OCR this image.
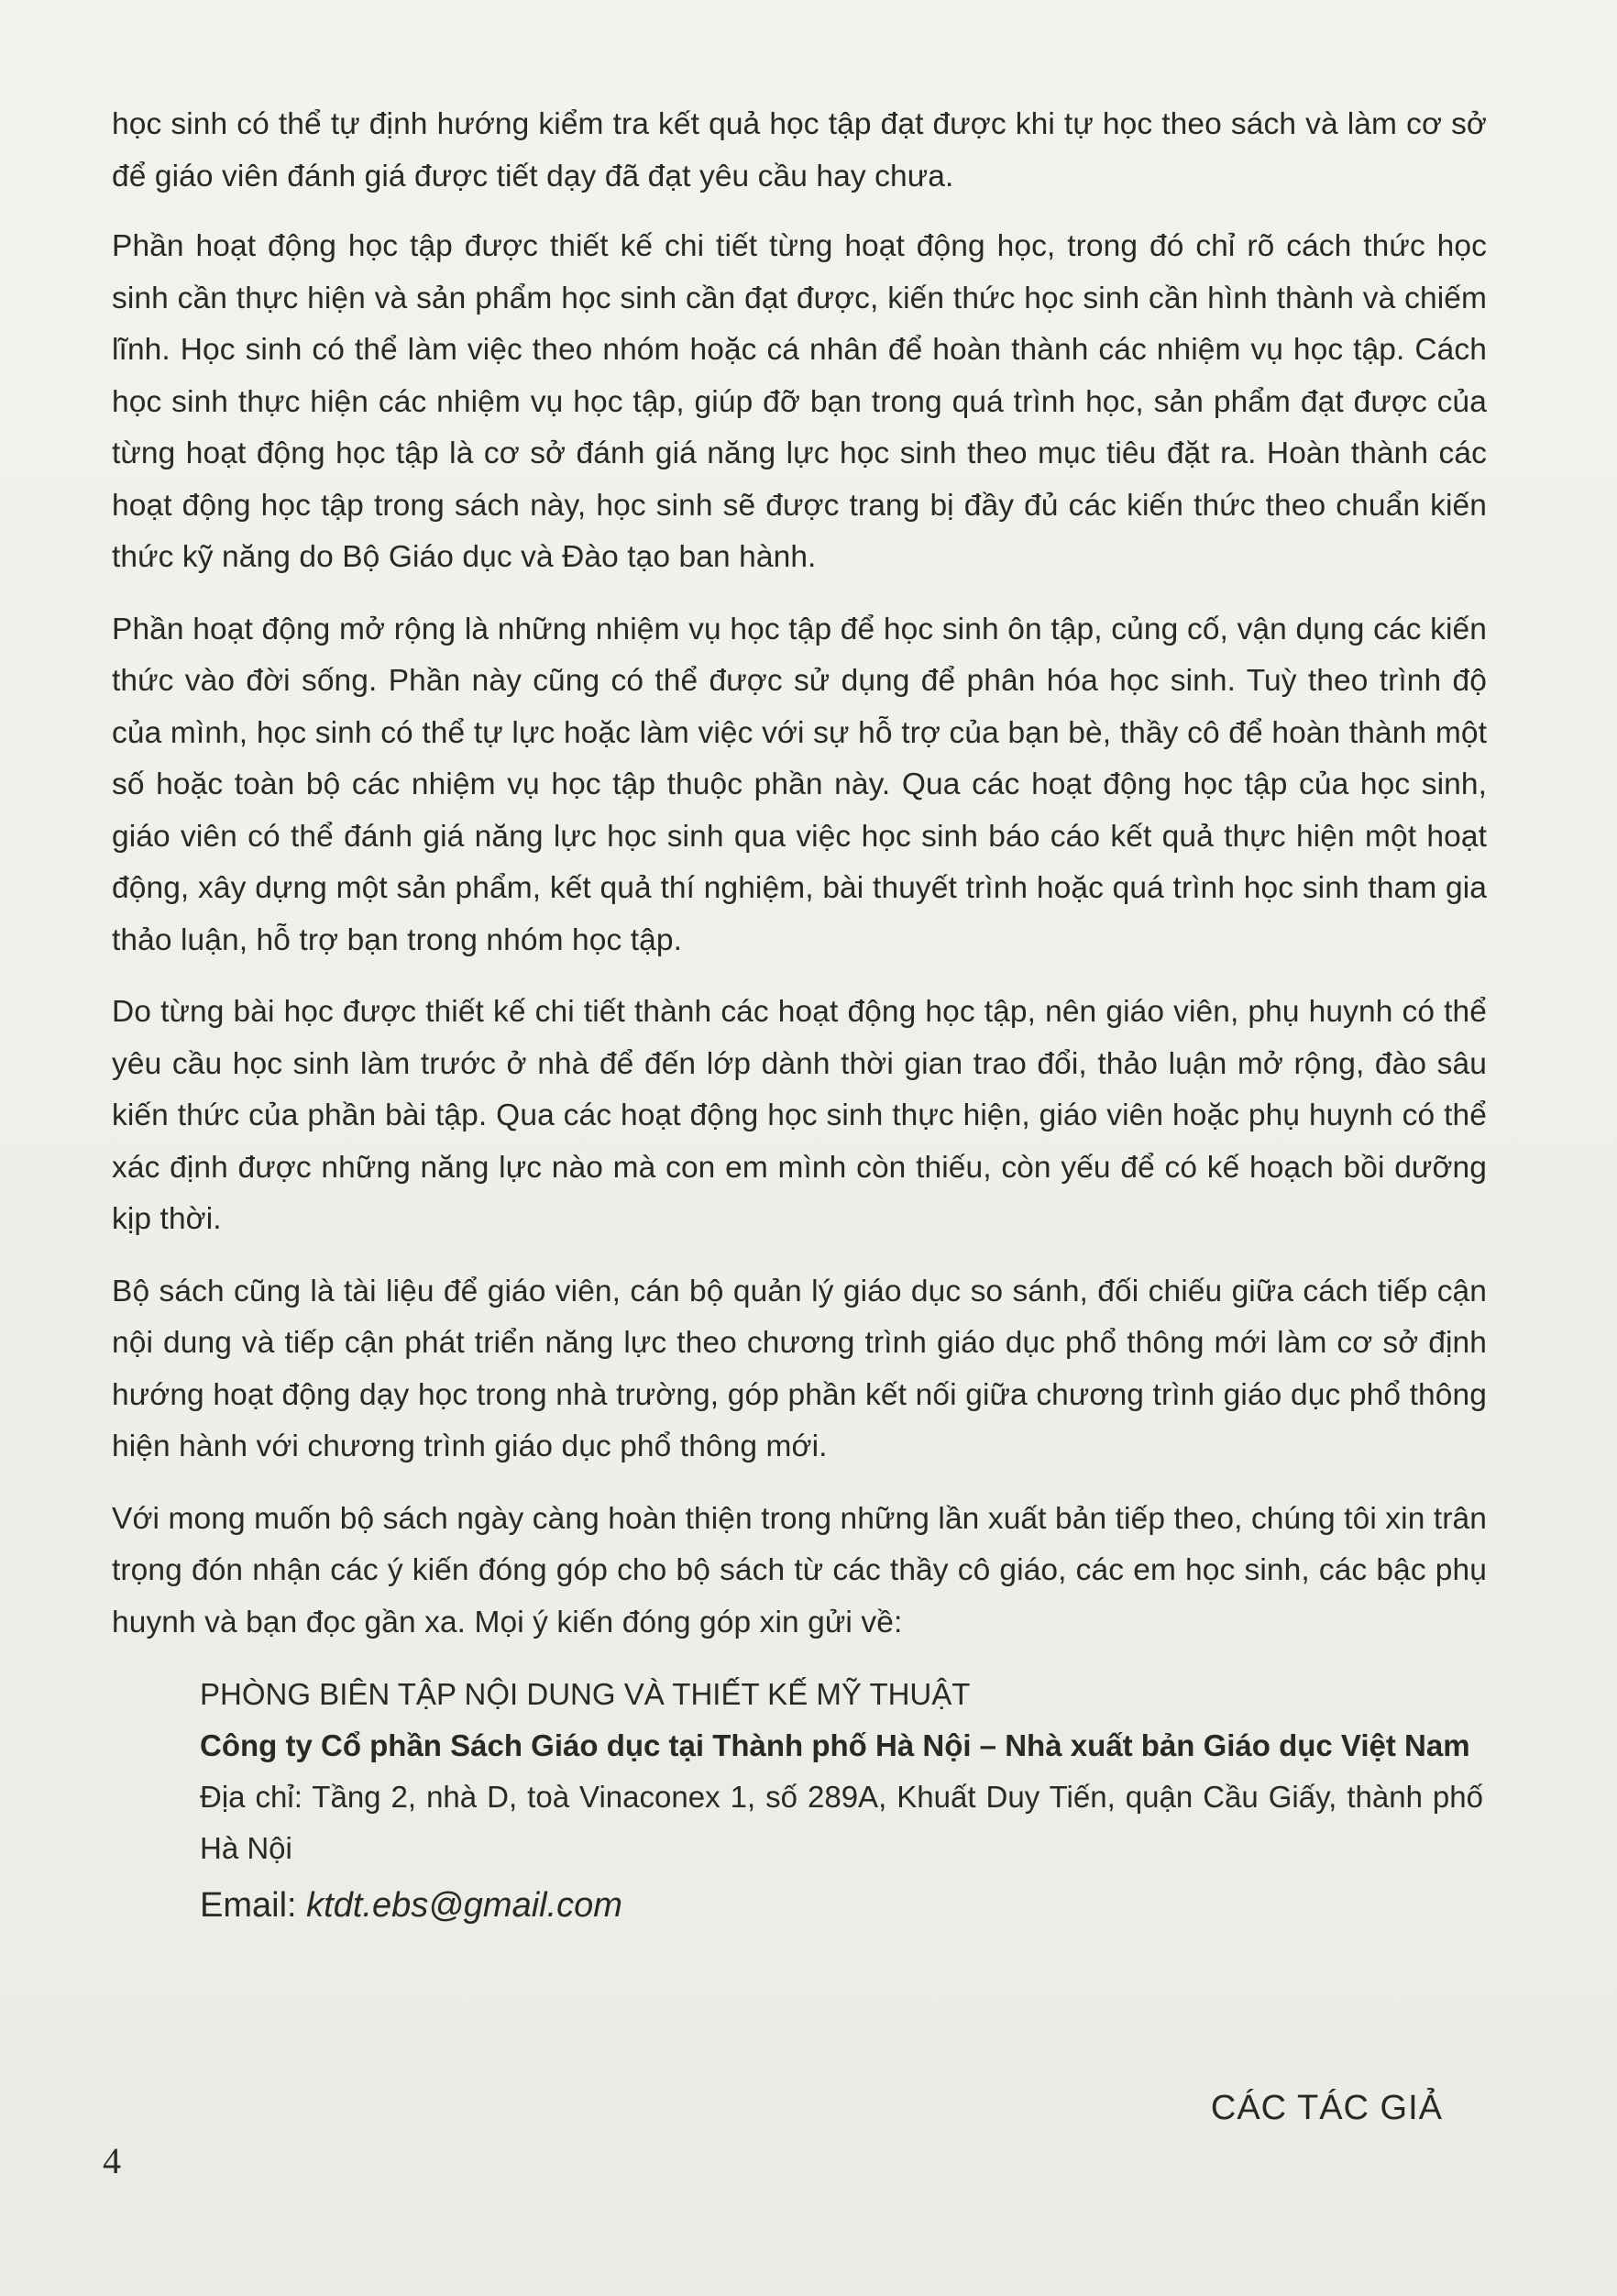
học sinh có thể tự định hướng kiểm tra kết quả học tập đạt được khi tự học theo sách và làm cơ sở để giáo viên đánh giá được tiết dạy đã đạt yêu cầu hay chưa.

Phần hoạt động học tập được thiết kế chi tiết từng hoạt động học, trong đó chỉ rõ cách thức học sinh cần thực hiện và sản phẩm học sinh cần đạt được, kiến thức học sinh cần hình thành và chiếm lĩnh. Học sinh có thể làm việc theo nhóm hoặc cá nhân để hoàn thành các nhiệm vụ học tập. Cách học sinh thực hiện các nhiệm vụ học tập, giúp đỡ bạn trong quá trình học, sản phẩm đạt được của từng hoạt động học tập là cơ sở đánh giá năng lực học sinh theo mục tiêu đặt ra. Hoàn thành các hoạt động học tập trong sách này, học sinh sẽ được trang bị đầy đủ các kiến thức theo chuẩn kiến thức kỹ năng do Bộ Giáo dục và Đào tạo ban hành.

Phần hoạt động mở rộng là những nhiệm vụ học tập để học sinh ôn tập, củng cố, vận dụng các kiến thức vào đời sống. Phần này cũng có thể được sử dụng để phân hóa học sinh. Tuỳ theo trình độ của mình, học sinh có thể tự lực hoặc làm việc với sự hỗ trợ của bạn bè, thầy cô để hoàn thành một số hoặc toàn bộ các nhiệm vụ học tập thuộc phần này. Qua các hoạt động học tập của học sinh, giáo viên có thể đánh giá năng lực học sinh qua việc học sinh báo cáo kết quả thực hiện một hoạt động, xây dựng một sản phẩm, kết quả thí nghiệm, bài thuyết trình hoặc quá trình học sinh tham gia thảo luận, hỗ trợ bạn trong nhóm học tập.

Do từng bài học được thiết kế chi tiết thành các hoạt động học tập, nên giáo viên, phụ huynh có thể yêu cầu học sinh làm trước ở nhà để đến lớp dành thời gian trao đổi, thảo luận mở rộng, đào sâu kiến thức của phần bài tập. Qua các hoạt động học sinh thực hiện, giáo viên hoặc phụ huynh có thể xác định được những năng lực nào mà con em mình còn thiếu, còn yếu để có kế hoạch bồi dưỡng kịp thời.

Bộ sách cũng là tài liệu để giáo viên, cán bộ quản lý giáo dục so sánh, đối chiếu giữa cách tiếp cận nội dung và tiếp cận phát triển năng lực theo chương trình giáo dục phổ thông mới làm cơ sở định hướng hoạt động dạy học trong nhà trường, góp phần kết nối giữa chương trình giáo dục phổ thông hiện hành với chương trình giáo dục phổ thông mới.

Với mong muốn bộ sách ngày càng hoàn thiện trong những lần xuất bản tiếp theo, chúng tôi xin trân trọng đón nhận các ý kiến đóng góp cho bộ sách từ các thầy cô giáo, các em học sinh, các bậc phụ huynh và bạn đọc gần xa. Mọi ý kiến đóng góp xin gửi về:

PHÒNG BIÊN TẬP NỘI DUNG VÀ THIẾT KẾ MỸ THUẬT

Công ty Cổ phần Sách Giáo dục tại Thành phố Hà Nội – Nhà xuất bản Giáo dục Việt Nam

Địa chỉ: Tầng 2, nhà D, toà Vinaconex 1, số 289A, Khuất Duy Tiến, quận Cầu Giấy, thành phố Hà Nội

Email: ktdt.ebs@gmail.com

CÁC TÁC GIẢ
4
